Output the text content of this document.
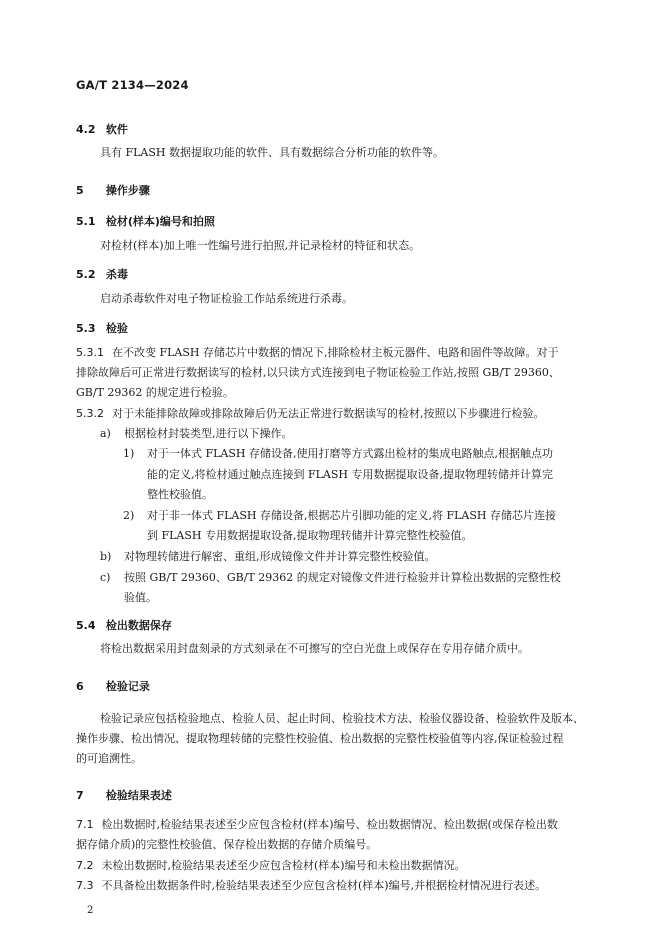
GA/T 2134—2024
4.2 软件
具有 FLASH 数据提取功能的软件、具有数据综合分析功能的软件等。
5 操作步骤
5.1 检材(样本)编号和拍照
对检材(样本)加上唯一性编号进行拍照,并记录检材的特征和状态。
5.2 杀毒
启动杀毒软件对电子物证检验工作站系统进行杀毒。
5.3 检验
5.3.1 在不改变 FLASH 存储芯片中数据的情况下,排除检材主板元器件、电路和固件等故障。对于
排除故障后可正常进行数据读写的检材,以只读方式连接到电子物证检验工作站,按照 GB/T 29360、
GB/T 29362 的规定进行检验。
5.3.2 对于未能排除故障或排除故障后仍无法正常进行数据读写的检材,按照以下步骤进行检验。
a) 根据检材封装类型,进行以下操作。
1) 对于一体式 FLASH 存储设备,使用打磨等方式露出检材的集成电路触点,根据触点功
能的定义,将检材通过触点连接到 FLASH 专用数据提取设备,提取物理转储并计算完
整性校验值。
2) 对于非一体式 FLASH 存储设备,根据芯片引脚功能的定义,将 FLASH 存储芯片连接
到 FLASH 专用数据提取设备,提取物理转储并计算完整性校验值。
b) 对物理转储进行解密、重组,形成镜像文件并计算完整性校验值。
c) 按照 GB/T 29360、GB/T 29362 的规定对镜像文件进行检验并计算检出数据的完整性校
验值。
5.4 检出数据保存
将检出数据采用封盘刻录的方式刻录在不可擦写的空白光盘上或保存在专用存储介质中。
6 检验记录
检验记录应包括检验地点、检验人员、起止时间、检验技术方法、检验仪器设备、检验软件及版本、
操作步骤、检出情况、提取物理转储的完整性校验值、检出数据的完整性校验值等内容,保证检验过程
的可追溯性。
7 检验结果表述
7.1 检出数据时,检验结果表述至少应包含检材(样本)编号、检出数据情况、检出数据(或保存检出数
据存储介质)的完整性校验值、保存检出数据的存储介质编号。
7.2 未检出数据时,检验结果表述至少应包含检材(样本)编号和未检出数据情况。
7.3 不具备检出数据条件时,检验结果表述至少应包含检材(样本)编号,并根据检材情况进行表述。
2
